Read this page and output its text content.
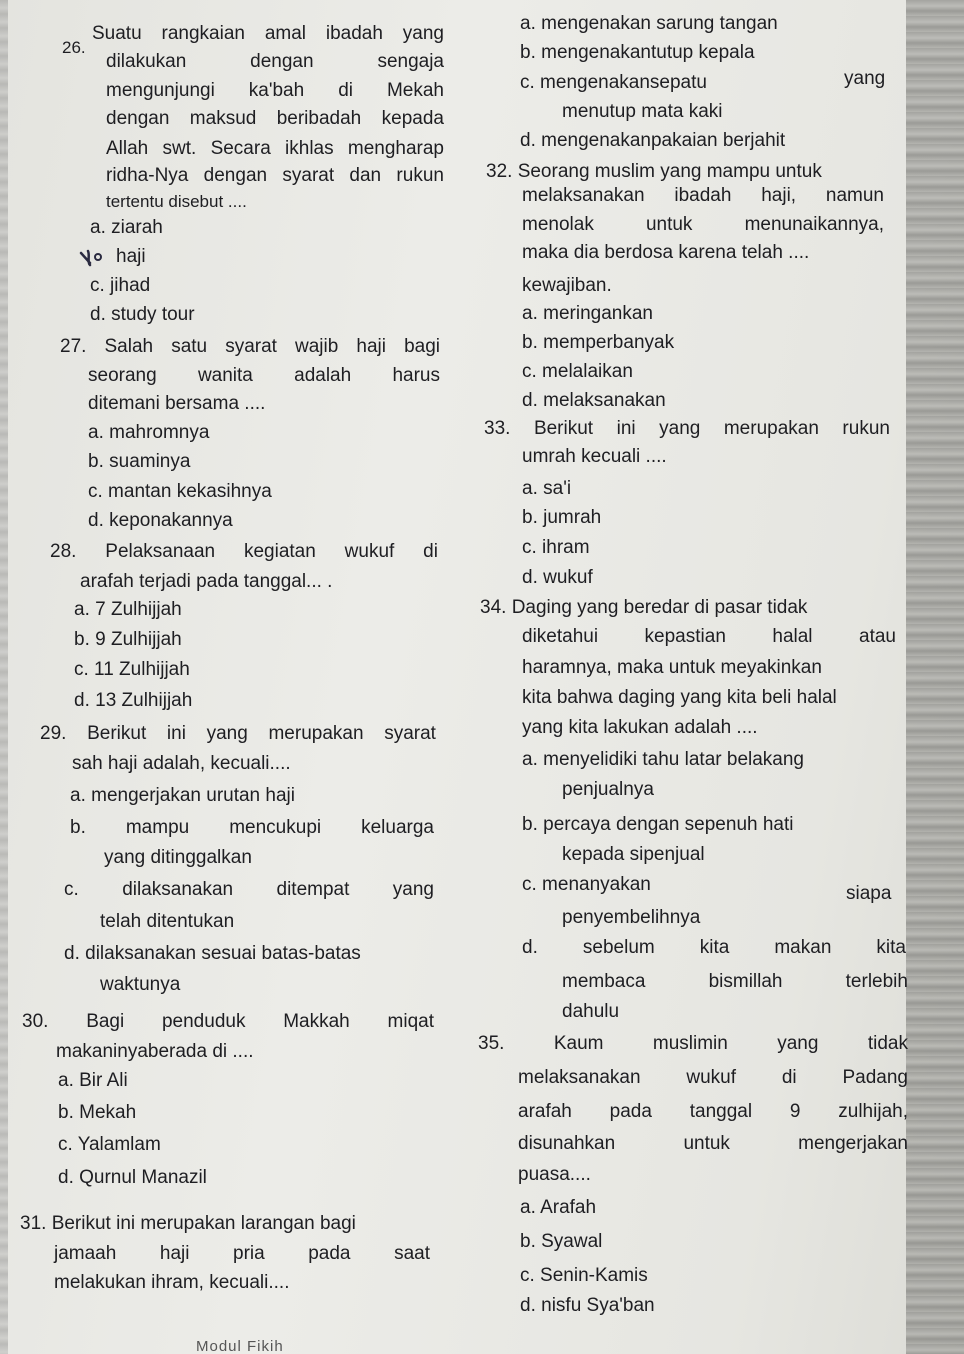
26.
Suatu rangkaian amal ibadah yang
dilakukan	dengan	sengaja
mengunjungi ka'bah di Mekah
dengan maksud beribadah kepada
Allah swt. Secara ikhlas mengharap
ridha-Nya dengan syarat dan rukun
tertentu disebut ....
a. ziarah
haji
c. jihad
d. study tour
27. Salah satu syarat wajib haji bagi
seorang wanita adalah harus
ditemani bersama ....
a. mahromnya
b. suaminya
c. mantan kekasihnya
d. keponakannya
28. Pelaksanaan kegiatan wukuf di
arafah terjadi pada tanggal... .
a. 7 Zulhijjah
b. 9 Zulhijjah
c. 11 Zulhijjah
d. 13 Zulhijjah
29. Berikut ini yang merupakan syarat
sah haji adalah, kecuali....
a. mengerjakan urutan haji
b. mampu mencukupi keluarga
yang ditinggalkan
c. dilaksanakan ditempat yang
telah ditentukan
d. dilaksanakan sesuai batas-batas
waktunya
30. Bagi penduduk Makkah miqat
makaninyaberada di ....
a. Bir Ali
b. Mekah
c. Yalamlam
d. Qurnul Manazil
31. Berikut ini merupakan larangan bagi
jamaah haji pria pada saat
melakukan ihram, kecuali....
a. mengenakan sarung tangan
b. mengenakantutup kepala
c. mengenakansepatu	yang
menutup mata kaki
d. mengenakanpakaian berjahit
32. Seorang muslim yang mampu untuk
melaksanakan ibadah haji, namun
menolak	untuk	menunaikannya,
maka dia berdosa karena telah ....
kewajiban.
a. meringankan
b. memperbanyak
c. melalaikan
d. melaksanakan
33. Berikut ini yang merupakan rukun
umrah kecuali ....
a. sa'i
b. jumrah
c. ihram
d. wukuf
34. Daging yang beredar di pasar tidak
diketahui kepastian halal atau
haramnya, maka untuk meyakinkan
kita bahwa daging yang kita beli halal
yang kita lakukan adalah ....
a. menyelidiki tahu latar belakang
penjualnya
b. percaya dengan sepenuh hati
kepada sipenjual
c. menanyakan	siapa
penyembelihnya
d. sebelum kita makan kita
membaca	bismillah	terlebih
dahulu
35.	Kaum	muslimin	yang	tidak
melaksanakan wukuf di Padang
arafah pada tanggal 9 zulhijah,
disunahkan	untuk	mengerjakan
puasa....
a. Arafah
b. Syawal
c. Senin-Kamis
d. nisfu Sya'ban
Modul Fikih
